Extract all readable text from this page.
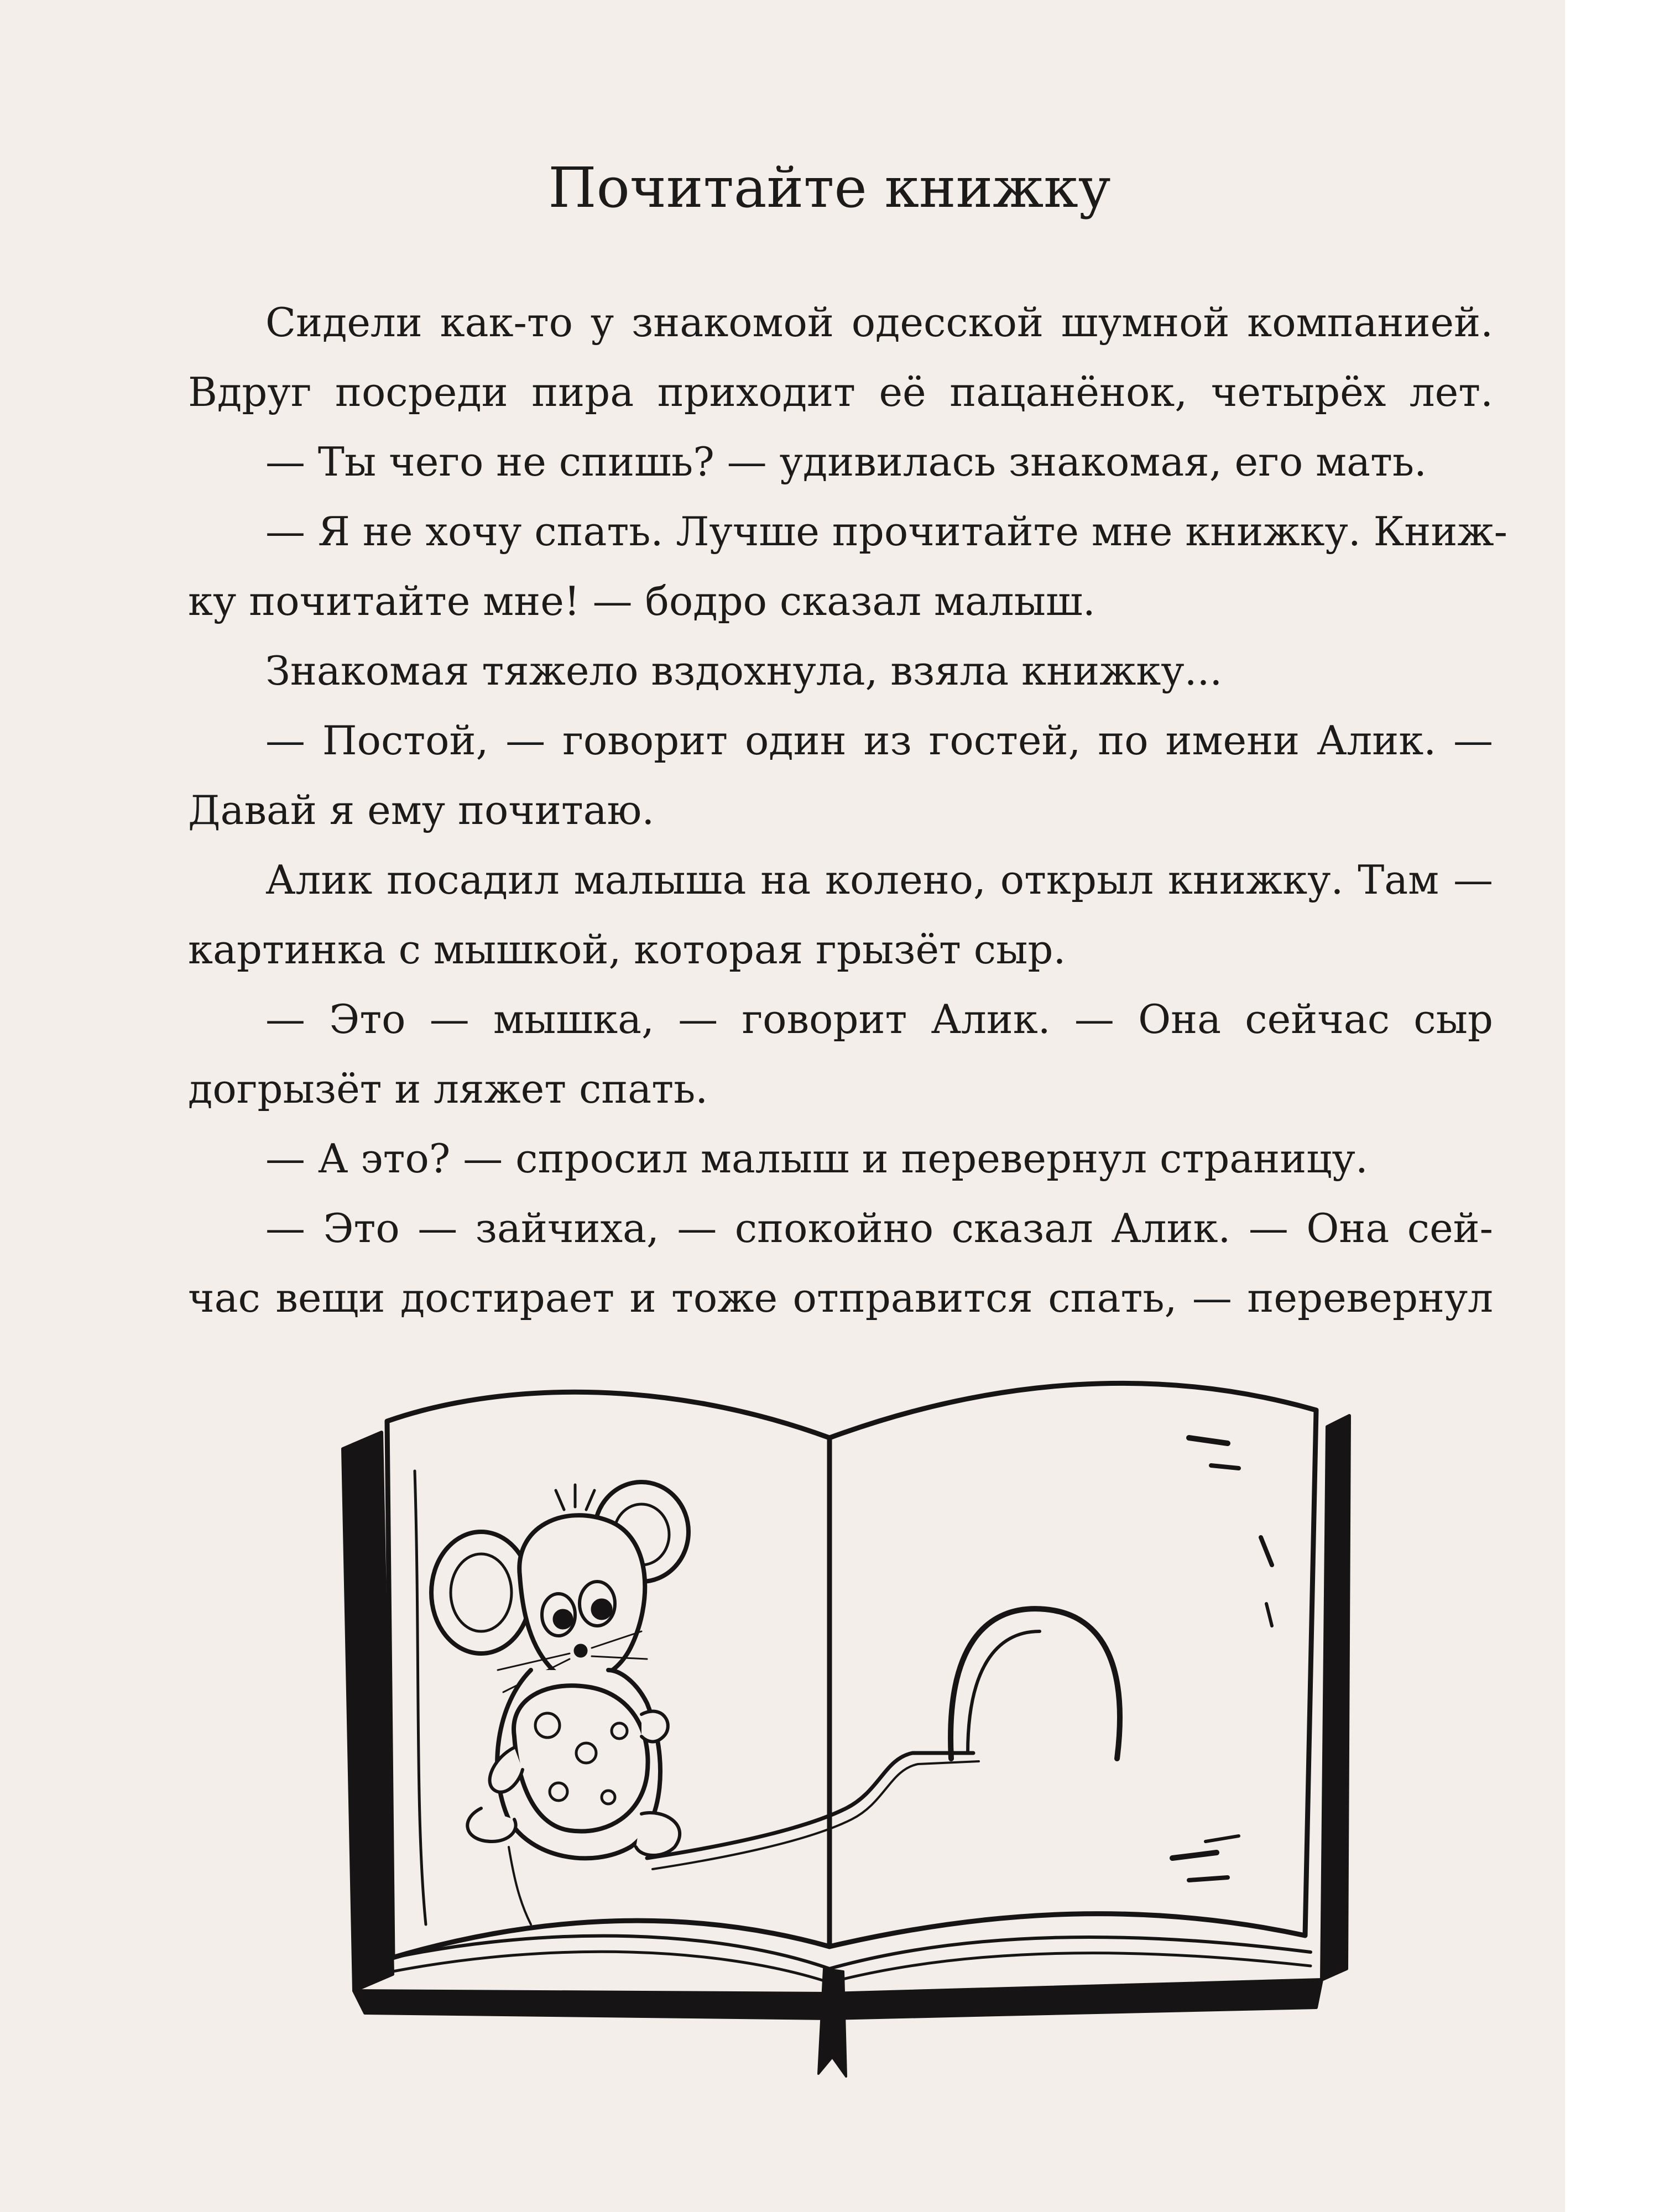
Почитайте книжку
Сидели как-то у знакомой одесской шумной компанией.
Вдруг посреди пира приходит её пацанёнок, четырёх лет.
— Ты чего не спишь? — удивилась знакомая, его мать.
— Я не хочу спать. Лучше прочитайте мне книжку. Книж-
ку почитайте мне! — бодро сказал малыш.
Знакомая тяжело вздохнула, взяла книжку...
— Постой, — говорит один из гостей, по имени Алик. —
Давай я ему почитаю.
Алик посадил малыша на колено, открыл книжку. Там —
картинка с мышкой, которая грызёт сыр.
— Это — мышка, — говорит Алик. — Она сейчас сыр
догрызёт и ляжет спать.
— А это? — спросил малыш и перевернул страницу.
— Это — зайчиха, — спокойно сказал Алик. — Она сей-
час вещи достирает и тоже отправится спать, — перевернул
